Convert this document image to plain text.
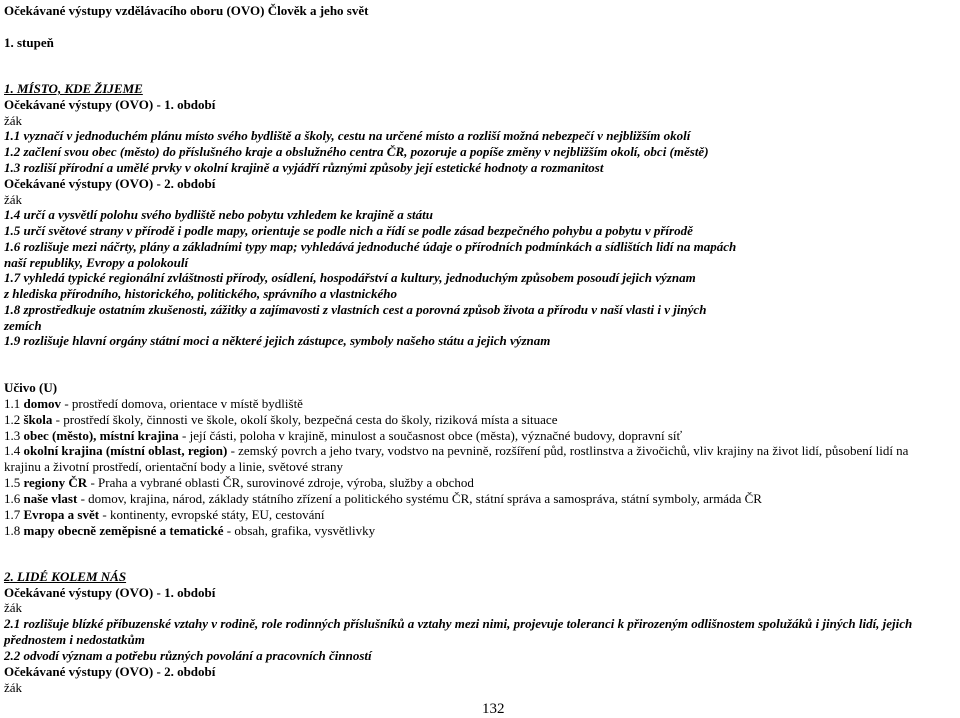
Očekávané výstupy vzdělávacího oboru (OVO) Člověk a jeho svět
1. stupeň
1. MÍSTO, KDE ŽIJEME
Očekávané výstupy (OVO) - 1. období
žák
1.1 vyznačí v jednoduchém plánu místo svého bydliště a školy, cestu na určené místo a rozliší možná nebezpečí v nejbližším okolí
1.2 začlení svou obec (město) do příslušného kraje a obslužného centra ČR, pozoruje a popíše změny v nejbližším okolí, obci (městě)
1.3 rozliší přírodní a umělé prvky v okolní krajině a vyjádří různými způsoby její estetické hodnoty a rozmanitost
Očekávané výstupy (OVO) - 2. období
žák
1.4 určí a vysvětlí polohu svého bydliště nebo pobytu vzhledem ke krajině a státu
1.5 určí světové strany v přírodě i podle mapy, orientuje se podle nich a řídí se podle zásad bezpečného pohybu a pobytu v přírodě
1.6 rozlišuje mezi náčrty, plány a základními typy map; vyhledává jednoduché údaje o přírodních podmínkách a sídlištích lidí na mapách
naší republiky, Evropy a polokoulí
1.7 vyhledá typické regionální zvláštnosti přírody, osídlení, hospodářství a kultury, jednoduchým způsobem posoudí jejich význam
z hlediska přírodního, historického, politického, správního a vlastnického
1.8 zprostředkuje ostatním zkušenosti, zážitky a zajímavosti z vlastních cest a porovná způsob života a přírodu v naší vlasti i v jiných
zemích
1.9 rozlišuje hlavní orgány státní moci a některé jejich zástupce, symboly našeho státu a jejich význam
Učivo (U)
1.1 domov - prostředí domova, orientace v místě bydliště
1.2 škola - prostředí školy, činnosti ve škole, okolí školy, bezpečná cesta do školy, riziková místa a situace
1.3 obec (město), místní krajina - její části, poloha v krajině, minulost a současnost obce (města), význačné budovy, dopravní síť
1.4 okolní krajina (místní oblast, region) - zemský povrch a jeho tvary, vodstvo na pevnině, rozšíření půd, rostlinstva a živočichů, vliv krajiny na život lidí, působení lidí na
krajinu a životní prostředí, orientační body a linie, světové strany
1.5 regiony ČR - Praha a vybrané oblasti ČR, surovinové zdroje, výroba, služby a obchod
1.6 naše vlast - domov, krajina, národ, základy státního zřízení a politického systému ČR, státní správa a samospráva, státní symboly, armáda ČR
1.7 Evropa a svět - kontinenty, evropské státy, EU, cestování
1.8 mapy obecně zeměpisné a tematické - obsah, grafika, vysvětlivky
2. LIDÉ KOLEM NÁS
Očekávané výstupy (OVO) - 1. období
žák
2.1 rozlišuje blízké příbuzenské vztahy v rodině, role rodinných příslušníků a vztahy mezi nimi, projevuje toleranci k přirozeným odlišnostem spolužáků i jiných lidí, jejich
přednostem i nedostatkům
2.2 odvodí význam a potřebu různých povolání a pracovních činností
Očekávané výstupy (OVO) - 2. období
žák
132
